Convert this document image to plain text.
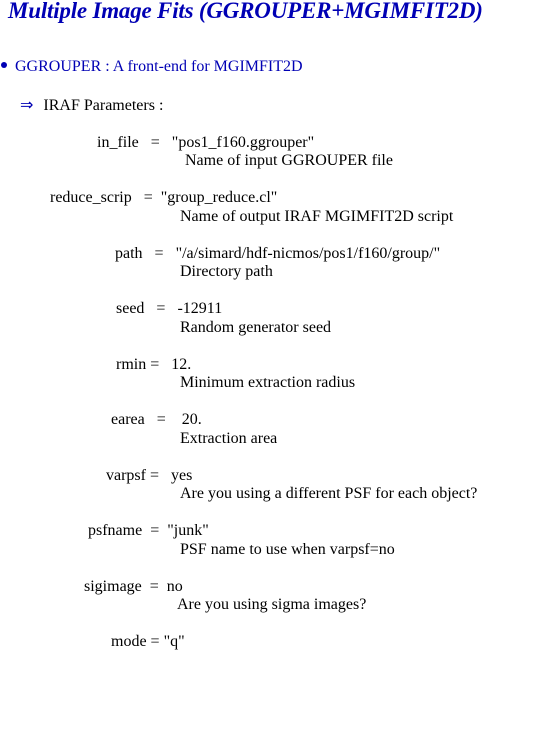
Multiple Image Fits (GGROUPER+MGIMFIT2D)
GGROUPER : A front-end for MGIMFIT2D
⇒ IRAF Parameters :
in_file   =   "pos1_f160.ggrouper"
Name of input GGROUPER file
reduce_scrip   =  "group_reduce.cl"
Name of output IRAF MGIMFIT2D script
path   =   "/a/simard/hdf-nicmos/pos1/f160/group/"
Directory path
seed   =   -12911
Random generator seed
rmin =   12.
Minimum extraction radius
earea   =    20.
Extraction area
varpsf =   yes
Are you using a different PSF for each object?
psfname  =  "junk"
PSF name to use when varpsf=no
sigimage  =  no
Are you using sigma images?
mode = "q"
